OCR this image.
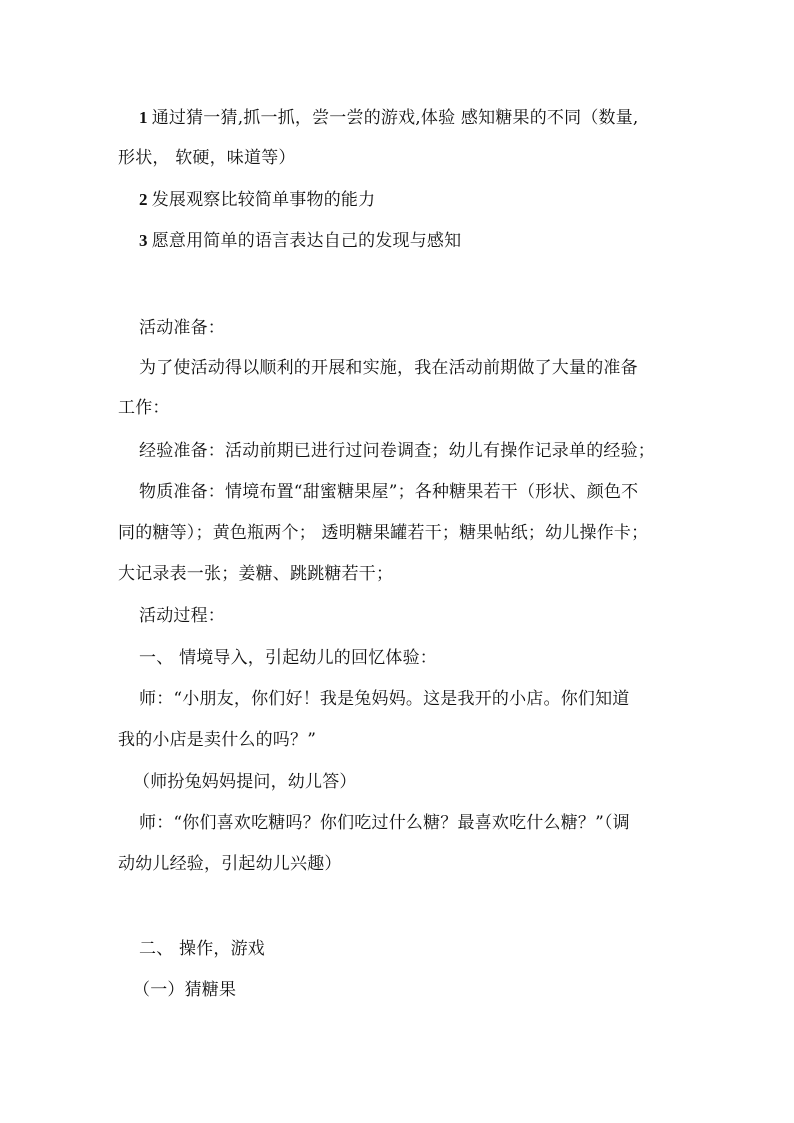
1 通过猜一猜,抓一抓，尝一尝的游戏,体验 感知糖果的不同（数量,

形状， 软硬，味道等）

2 发展观察比较简单事物的能力

3 愿意用简单的语言表达自己的发现与感知

活动准备：

为了使活动得以顺利的开展和实施，我在活动前期做了大量的准备

工作：

经验准备：活动前期已进行过问卷调查；幼儿有操作记录单的经验；

物质准备：情境布置“甜蜜糖果屋”；各种糖果若干（形状、颜色不

同的糖等）；黄色瓶两个； 透明糖果罐若干；糖果帖纸；幼儿操作卡；

大记录表一张；姜糖、跳跳糖若干；

活动过程：

一、 情境导入，引起幼儿的回忆体验：

师：“小朋友，你们好！我是兔妈妈。这是我开的小店。你们知道

我的小店是卖什么的吗？”

（师扮兔妈妈提问，幼儿答）

师：“你们喜欢吃糖吗？你们吃过什么糖？最喜欢吃什么糖？”（调

动幼儿经验，引起幼儿兴趣）

二、 操作，游戏

（一）猜糖果
